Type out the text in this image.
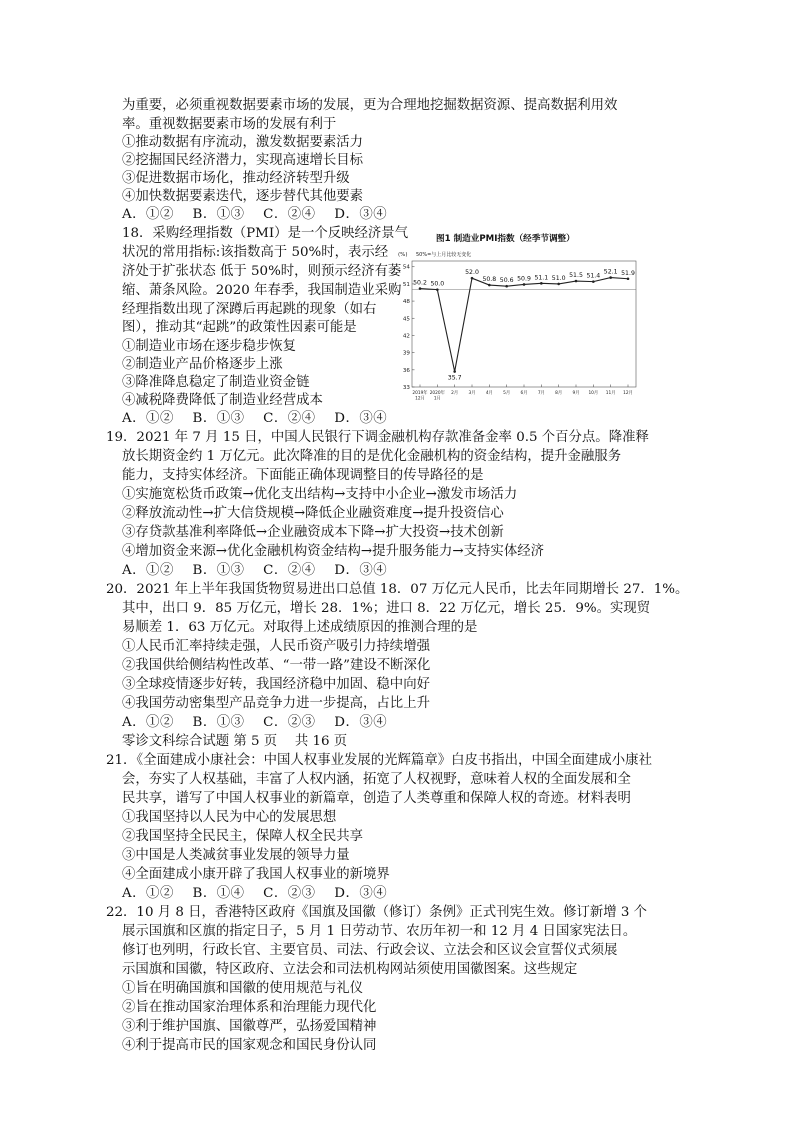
为重要，必须重视数据要素市场的发展，更为合理地挖掘数据资源、提高数据利用效
率。重视数据要素市场的发展有利于
①推动数据有序流动，激发数据要素活力
②挖掘国民经济潜力，实现高速增长目标
③促进数据市场化，推动经济转型升级
④加快数据要素迭代，逐步替代其他要素
A．①②　 B．①③　 C．②④　 D．③④
18．采购经理指数（PMI）是一个反映经济景气
状况的常用指标:该指数高于 50%时，表示经
济处于扩张状态 低于 50%时，则预示经济有萎
缩、萧条风险。2020 年春季，我国制造业采购
经理指数出现了深蹲后再起跳的现象（如右
图），推动其“起跳”的政策性因素可能是
①制造业市场在逐步稳步恢复
②制造业产品价格逐步上涨
③降准降息稳定了制造业资金链
④减税降费降低了制造业经营成本
A．①②　 B．①③　 C．②④　 D．③④
图1 制造业PMI指数（经季节调整）
(%) 50%=与上月比较无变化
33
36
39
42
45
48
51
54
2019年
12月
2020年
1月
2月 3月 4月 5月 6月 7月 8月 9月 10月 11月 12月
50.2 50.0
35.7
52.0
50.8 50.6 50.9 51.1 51.0 51.5 51.4
52.1 51.9
19．2021 年 7 月 15 日，中国人民银行下调金融机构存款准备金率 0.5 个百分点。降准释
放长期资金约 1 万亿元。此次降准的目的是优化金融机构的资金结构，提升金融服务
能力，支持实体经济。下面能正确体现调整目的传导路径的是
①实施宽松货币政策→优化支出结构→支持中小企业→激发市场活力
②释放流动性→扩大信贷规模→降低企业融资难度→提升投资信心
③存贷款基准利率降低→企业融资成本下降→扩大投资→技术创新
④增加资金来源→优化金融机构资金结构→提升服务能力→支持实体经济
A．①②　 B．①③　 C．②④　 D．③④
20．2021 年上半年我国货物贸易进出口总值 18．07 万亿元人民币，比去年同期增长 27．1%。
其中，出口 9．85 万亿元，增长 28．1%；进口 8．22 万亿元，增长 25．9%。实现贸
易顺差 1．63 万亿元。对取得上述成绩原因的推测合理的是
①人民币汇率持续走强，人民币资产吸引力持续增强
②我国供给侧结构性改革、“一带一路”建设不断深化
③全球疫情逐步好转，我国经济稳中加固、稳中向好
④我国劳动密集型产品竞争力进一步提高，占比上升
A．①②　 B．①③　 C．②③　 D．③④
零诊文科综合试题 第 5 页　 共 16 页
21．《全面建成小康社会：中国人权事业发展的光辉篇章》白皮书指出，中国全面建成小康社
会，夯实了人权基础，丰富了人权内涵，拓宽了人权视野，意味着人权的全面发展和全
民共享，谱写了中国人权事业的新篇章，创造了人类尊重和保障人权的奇迹。材料表明
①我国坚持以人民为中心的发展思想
②我国坚持全民民主，保障人权全民共享
③中国是人类减贫事业发展的领导力量
④全面建成小康开辟了我国人权事业的新境界
A．①②　 B．①④　 C．②③　 D．③④
22．10 月 8 日，香港特区政府《国旗及国徽（修订）条例》正式刊宪生效。修订新增 3 个
展示国旗和区旗的指定日子，5 月 1 日劳动节、农历年初一和 12 月 4 日国家宪法日。
修订也列明，行政长官、主要官员、司法、行政会议、立法会和区议会宣誓仪式须展
示国旗和国徽，特区政府、立法会和司法机构网站须使用国徽图案。这些规定
①旨在明确国旗和国徽的使用规范与礼仪
②旨在推动国家治理体系和治理能力现代化
③利于维护国旗、国徽尊严，弘扬爱国精神
④利于提高市民的国家观念和国民身份认同
